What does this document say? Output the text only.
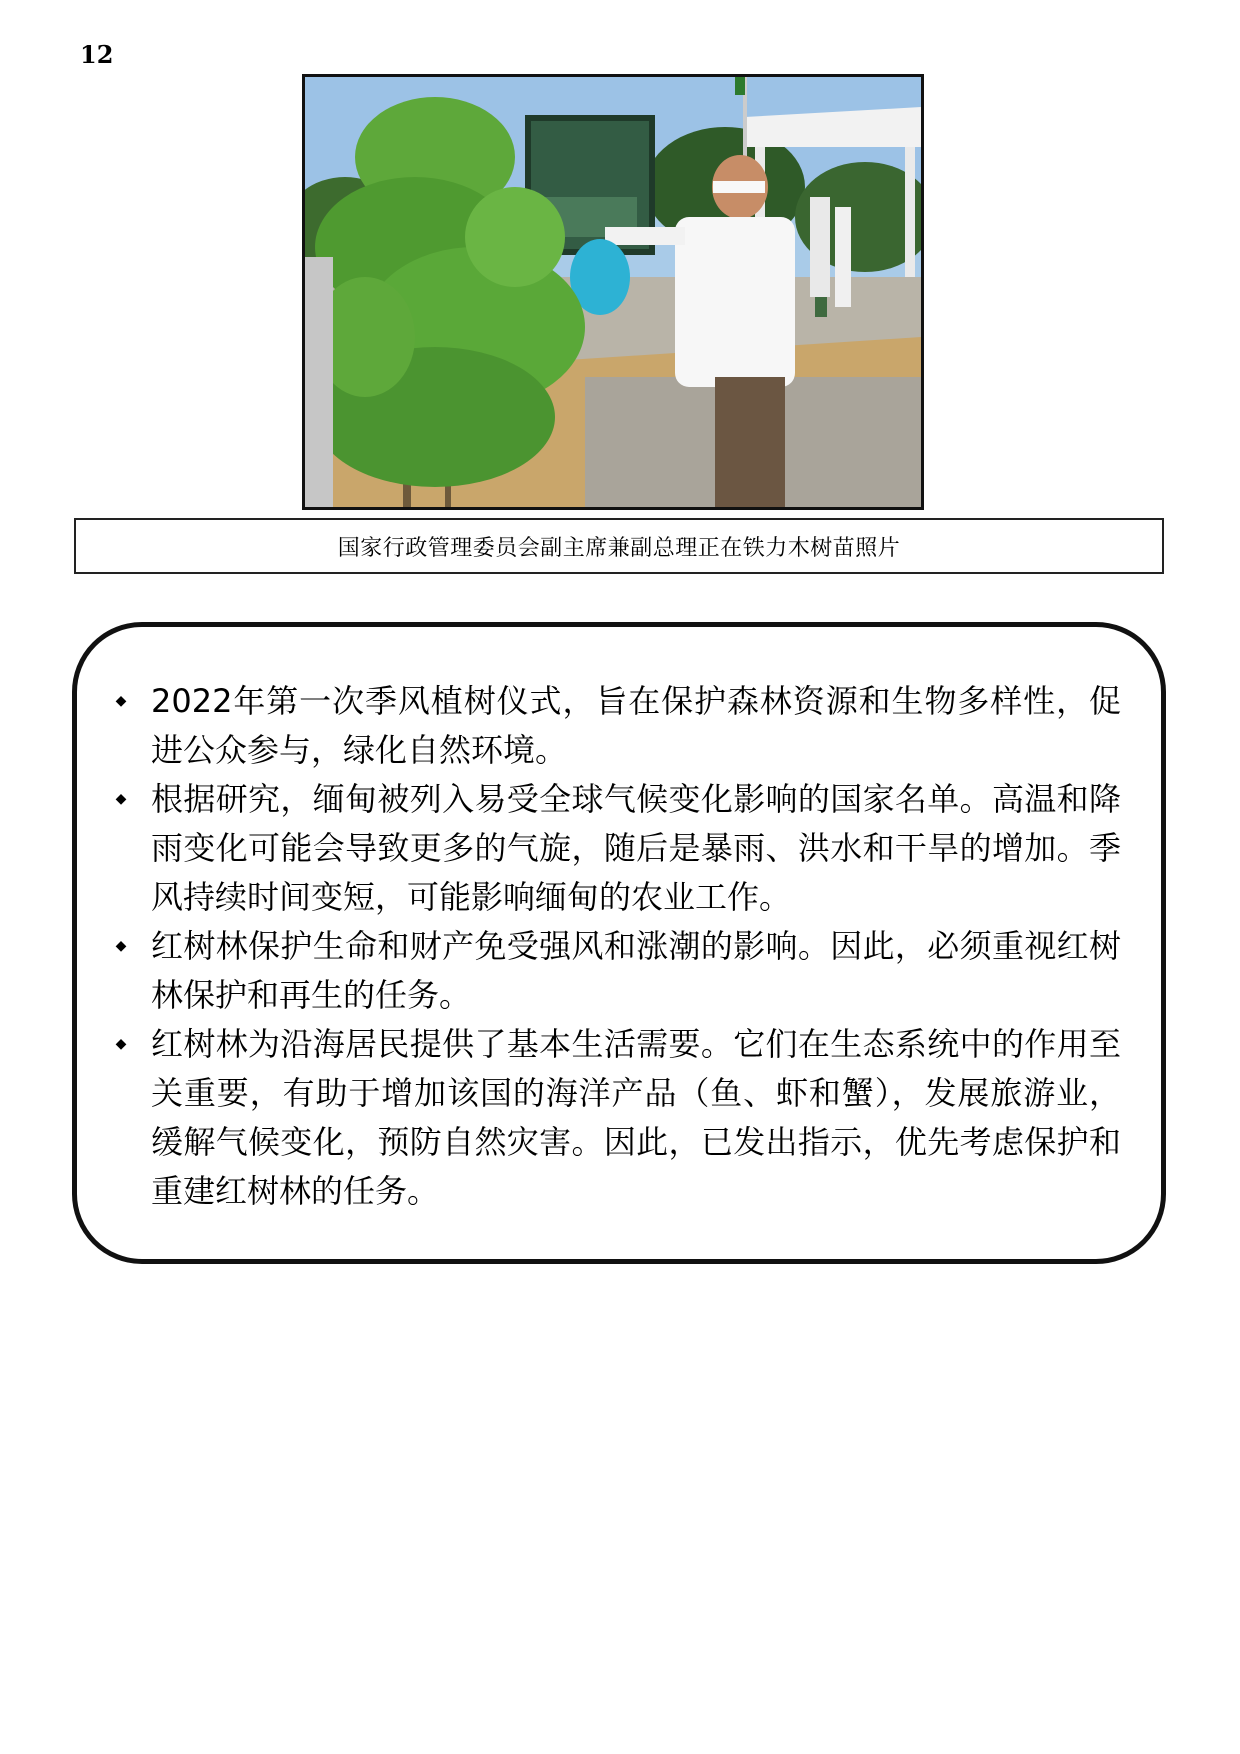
12
国家行政管理委员会副主席兼副总理正在铁力木树苗照片
◆ 2022年第一次季风植树仪式，旨在保护森林资源和生物多样性，促进公众参与，绿化自然环境。
◆ 根据研究，缅甸被列入易受全球气候变化影响的国家名单。高温和降雨变化可能会导致更多的气旋，随后是暴雨、洪水和干旱的增加。季风持续时间变短，可能影响缅甸的农业工作。
◆ 红树林保护生命和财产免受强风和涨潮的影响。因此，必须重视红树林保护和再生的任务。
◆ 红树林为沿海居民提供了基本生活需要。它们在生态系统中的作用至关重要，有助于增加该国的海洋产品（鱼、虾和蟹），发展旅游业，缓解气候变化，预防自然灾害。因此，已发出指示，优先考虑保护和重建红树林的任务。
